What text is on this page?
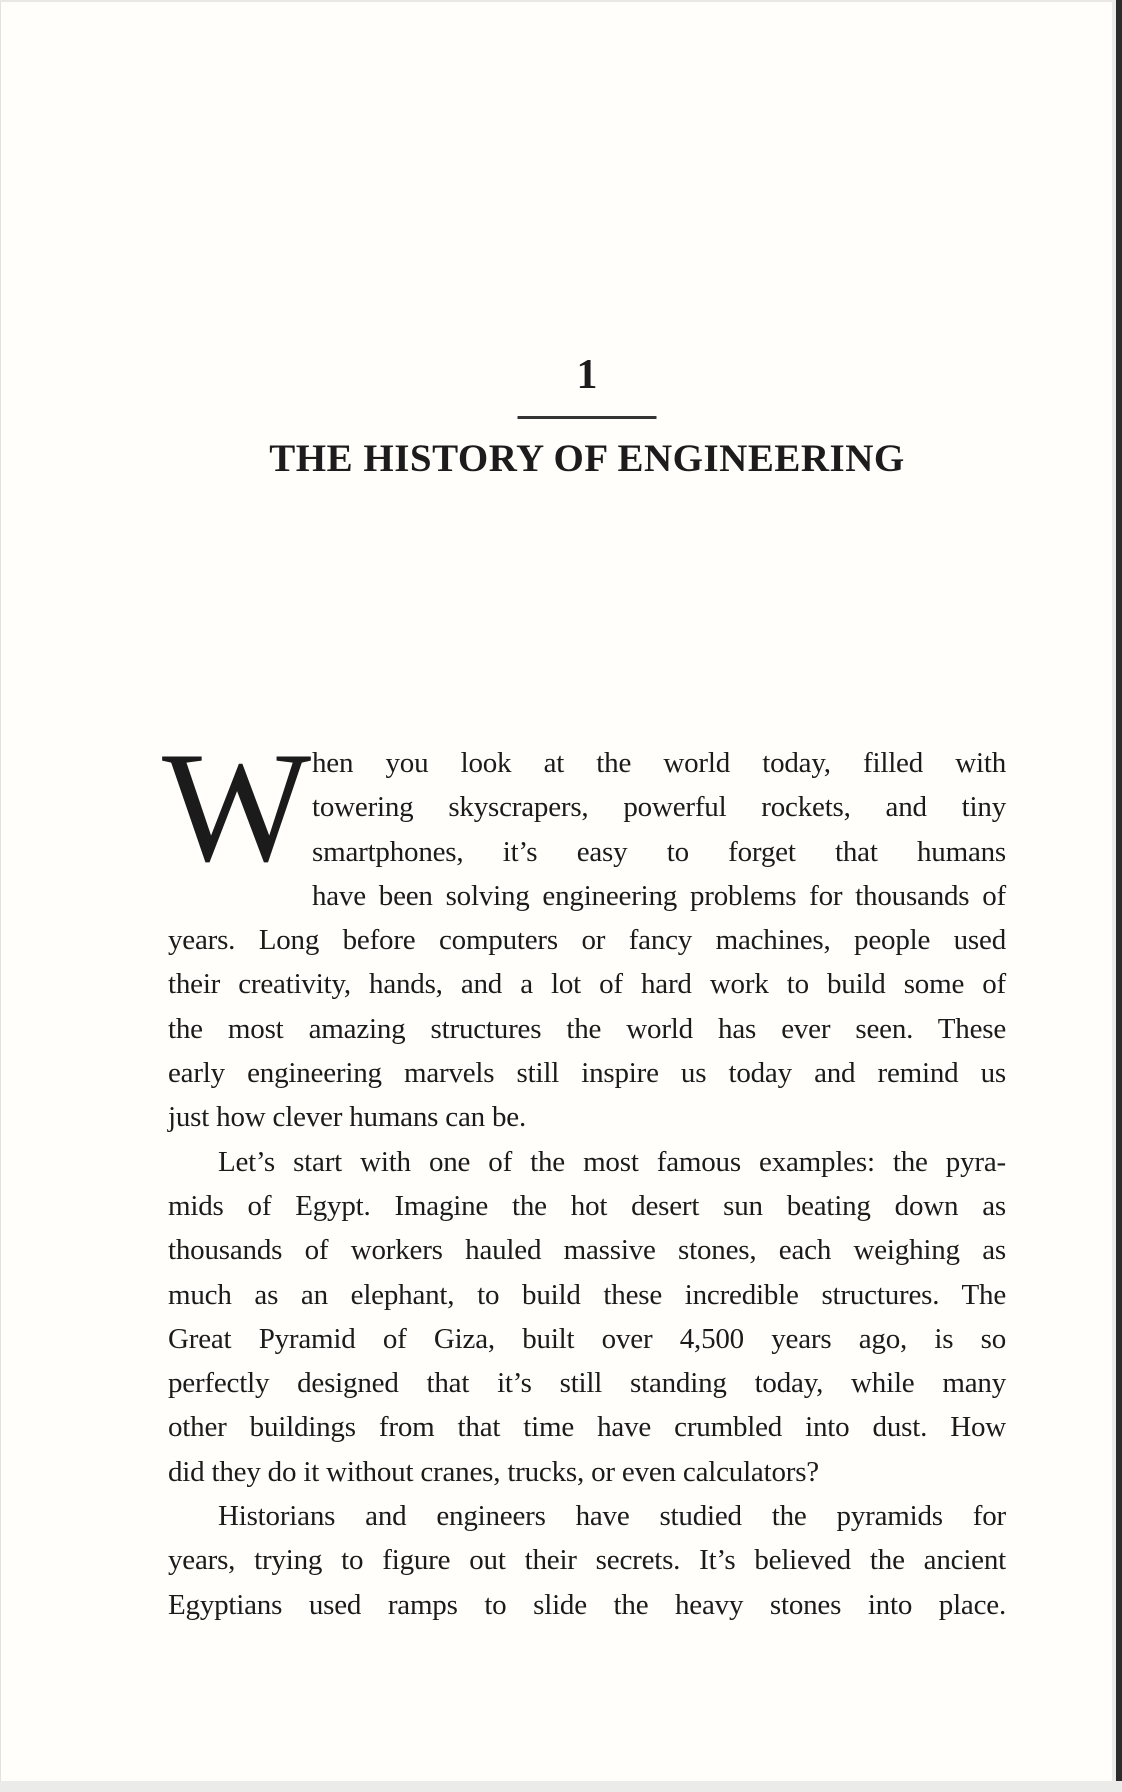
1
THE HISTORY OF ENGINEERING
W hen you look at the world today, filled with
towering skyscrapers, powerful rockets, and tiny
smartphones, it’s easy to forget that humans
have been solving engineering problems for thousands of
years. Long before computers or fancy machines, people used
their creativity, hands, and a lot of hard work to build some of
the most amazing structures the world has ever seen. These
early engineering marvels still inspire us today and remind us
just how clever humans can be.
Let’s start with one of the most famous examples: the pyra-
mids of Egypt. Imagine the hot desert sun beating down as
thousands of workers hauled massive stones, each weighing as
much as an elephant, to build these incredible structures. The
Great Pyramid of Giza, built over 4,500 years ago, is so
perfectly designed that it’s still standing today, while many
other buildings from that time have crumbled into dust. How
did they do it without cranes, trucks, or even calculators?
Historians and engineers have studied the pyramids for
years, trying to figure out their secrets. It’s believed the ancient
Egyptians used ramps to slide the heavy stones into place.
